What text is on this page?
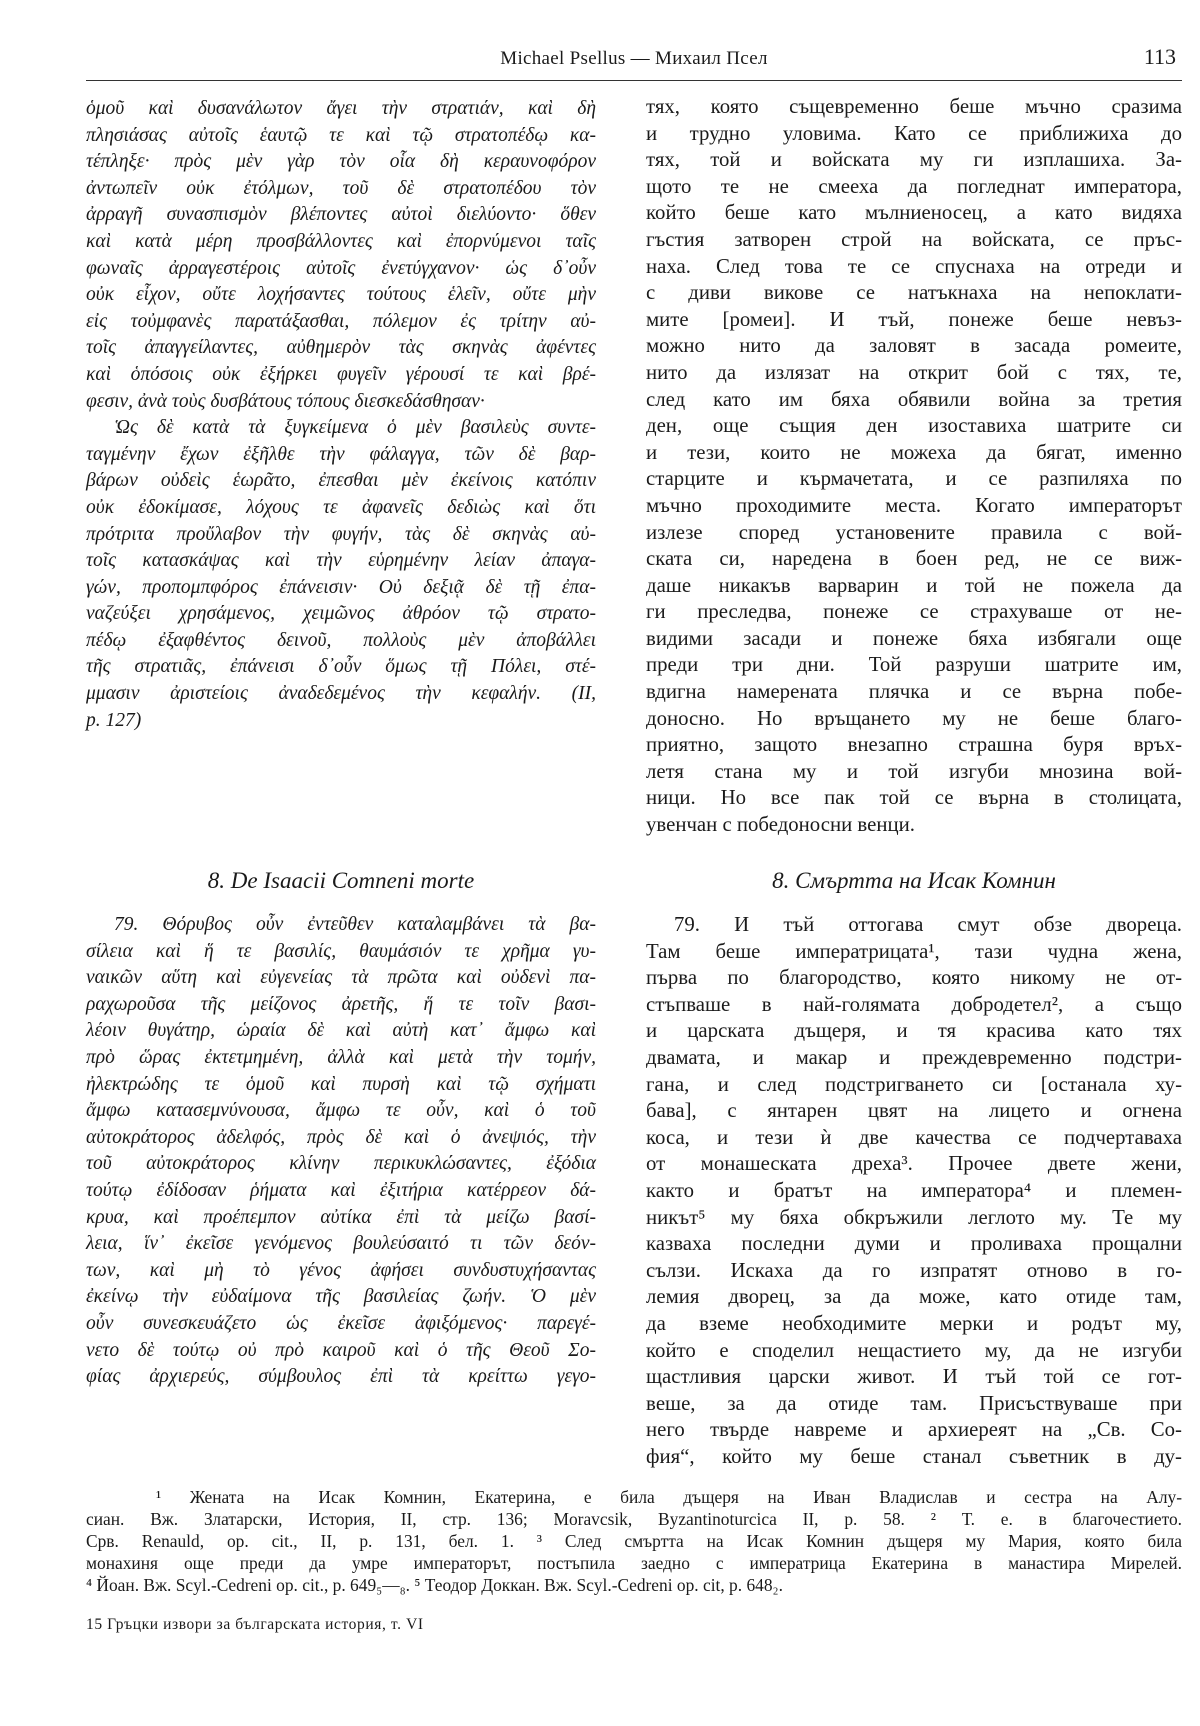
Michael Psellus — Михаил Псел	113
ὁμοῦ καὶ δυσανάλωτον ἄγει τὴν στρατιάν, καὶ δὴ
πλησιάσας αὐτοῖς ἑαυτῷ τε καὶ τῷ στρατοπέδῳ κα-
τέπληξε· πρὸς μὲν γὰρ τὸν οἷα δὴ κεραυνοφόρον
ἀντωπεῖν οὐκ ἐτόλμων, τοῦ δὲ στρατοπέδου τὸν
ἀρραγῆ συνασπισμὸν βλέποντες αὐτοὶ διελύοντο· ὅθεν
καὶ κατὰ μέρη προσβάλλοντες καὶ ἐπορνύμενοι ταῖς
φωναῖς ἀρραγεστέροις αὐτοῖς ἐνετύγχανον· ὡς δ᾽οὖν
οὐκ εἶχον, οὔτε λοχήσαντες τούτους ἑλεῖν, οὔτε μὴν
εἰς τοὐμφανὲς παρατάξασθαι, πόλεμον ἐς τρίτην αὐ-
τοῖς ἀπαγγείλαντες, αὐθημερὸν τὰς σκηνὰς ἀφέντες
καὶ ὁπόσοις οὐκ ἐξήρκει φυγεῖν γέρουσί τε καὶ βρέ-
φεσιν, ἀνὰ τοὺς δυσβάτους τόπους διεσκεδάσθησαν·
Ὡς δὲ κατὰ τὰ ξυγκείμενα ὁ μὲν βασιλεὺς συντε-
ταγμένην ἔχων ἐξῆλθε τὴν φάλαγγα, τῶν δὲ βαρ-
βάρων οὐδεὶς ἑωρᾶτο, ἐπεσθαι μὲν ἐκείνοις κατόπιν
οὐκ ἐδοκίμασε, λόχους τε ἀφανεῖς δεδιὼς καὶ ὅτι
πρότριτα προὔλαβον τὴν φυγήν, τὰς δὲ σκηνὰς αὐ-
τοῖς κατασκάψας καὶ τὴν εὑρημένην λείαν ἀπαγα-
γών, προπομπφόρος ἐπάνεισιν· Οὐ δεξιᾷ δὲ τῇ ἐπα-
ναζεύξει χρησάμενος, χειμῶνος ἀθρόον τῷ στρατο-
πέδῳ ἐξαφθέντος δεινοῦ, πολλοὺς μὲν ἀποβάλλει
τῆς στρατιᾶς, ἐπάνεισι δ᾽οὖν ὅμως τῇ Πόλει, στέ-
μμασιν ἀριστείοις ἀναδεδεμένος τὴν κεφαλήν. (II,
p. 127)
тях, която същевременно беше мъчно сразима
и трудно уловима. Като се приближиха до
тях, той и войската му ги изплашиха. За-
щото те не смееха да погледнат императора,
който беше като мълниеносец, а като видяха
гъстия затворен строй на войската, се пръс-
наха. След това те се спуснаха на отреди и
с диви викове се натъкнаха на непоклати-
мите [ромеи]. И тъй, понеже беше невъз-
можно нито да заловят в засада ромеите,
нито да излязат на открит бой с тях, те,
след като им бяха обявили война за третия
ден, още същия ден изоставиха шатрите си
и тези, които не можеха да бягат, именно
старците и кърмачетата, и се разпиляха по
мъчно проходимите места. Когато императорът
излезе според установените правила с вой-
ската си, наредена в боен ред, не се виж-
даше никакъв варварин и той не пожела да
ги преследва, понеже се страхуваше от не-
видими засади и понеже бяха избягали още
преди три дни. Той разруши шатрите им,
вдигна намерената плячка и се върна побе-
доносно. Но връщането му не беше благо-
приятно, защото внезапно страшна буря връх-
летя стана му и той изгуби мнозина вой-
ници. Но все пак той се върна в столицата,
увенчан с победоносни венци.
8. De Isaacii Comneni morte	8. Смъртта на Исак Комнин
79. Θόρυβος οὖν ἐντεῦθεν καταλαμβάνει τὰ βα-
σίλεια καὶ ἥ τε βασιλίς, θαυμάσιόν τε χρῆμα γυ-
ναικῶν αὕτη καὶ εὐγενείας τὰ πρῶτα καὶ οὐδενὶ πα-
ραχωροῦσα τῆς μείζονος ἀρετῆς, ἥ τε τοῖν βασι-
λέοιν θυγάτηρ, ὡραία δὲ καὶ αὐτὴ κατ᾽ ἄμφω καὶ
πρὸ ὥρας ἐκτετμημένη, ἀλλὰ καὶ μετὰ τὴν τομήν,
ἠλεκτρώδης τε ὁμοῦ καὶ πυρσὴ καὶ τῷ σχήματι
ἄμφω κατασεμνύνουσα, ἄμφω τε οὖν, καὶ ὁ τοῦ
αὐτοκράτορος ἀδελφός, πρὸς δὲ καὶ ὁ ἀνεψιός, τὴν
τοῦ αὐτοκράτορος κλίνην περικυκλώσαντες, ἐξόδια
τούτῳ ἐδίδοσαν ῥήματα καὶ ἐξιτήρια κατέρρεον δά-
κρυα, καὶ προέπεμπον αὐτίκα ἐπὶ τὰ μείζω βασί-
λεια, ἵν᾽ ἐκεῖσε γενόμενος βουλεύσαιτό τι τῶν δεόν-
των, καὶ μὴ τὸ γένος ἀφήσει συνδυστυχήσαντας
ἐκείνῳ τὴν εὐδαίμονα τῆς βασιλείας ζωήν. Ὁ μὲν
οὖν συνεσκευάζετο ὡς ἐκεῖσε ἀφιξόμενος· παρεγέ-
νετο δὲ τούτῳ οὐ πρὸ καιροῦ καὶ ὁ τῆς Θεοῦ Σο-
φίας ἀρχιερεύς, σύμβουλος ἐπὶ τὰ κρείττω γεγο-
79. И тъй оттогава смут обзе двореца.
Там беше императрицата¹, тази чудна жена,
първа по благородство, която никому не от-
стъпваше в най-голямата добродетел², а също
и царската дъщеря, и тя красива като тях
двамата, и макар и преждевременно подстри-
гана, и след подстригването си [останала ху-
бава], с янтарен цвят на лицето и огнена
коса, и тези ѝ две качества се подчертаваха
от монашеската дреха³. Прочее двете жени,
както и братът на императора⁴ и племен-
никът⁵ му бяха обкръжили леглото му. Те му
казваха последни думи и проливаха прощални
сълзи. Искаха да го изпратят отново в го-
лемия дворец, за да може, като отиде там,
да вземе необходимите мерки и родът му,
който е споделил нещастието му, да не изгуби
щастливия царски живот. И тъй той се гот-
вeше, за да отиде там. Присъствуваше при
него твърде навреме и архиереят на „Св. Со-
фия“, който му беше станал съветник в ду-
¹ Жената на Исак Комнин, Екатерина, е била дъщеря на Иван Владислав и сестра на Алу-
сиан. Вж. Златарски, История, II, стр. 136; Moravcsik, Byzantinoturcica II, p. 58. ² Т. е. в благочестието.
Срв. Renauld, op. cit., II, p. 131, бел. 1. ³ След смъртта на Исак Комнин дъщеря му Мария, която била
монахиня още преди да умре императорът, постъпила заедно с императрица Екатерина в манастира Мирелей.
⁴ Йоан. Вж. Scyl.-Cedreni op. cit., p. 649₅—₈. ⁵ Теодор Доккан. Вж. Scyl.-Cedreni op. cit, p. 648₂.
15 Гръцки извори за българската история, т. VI
